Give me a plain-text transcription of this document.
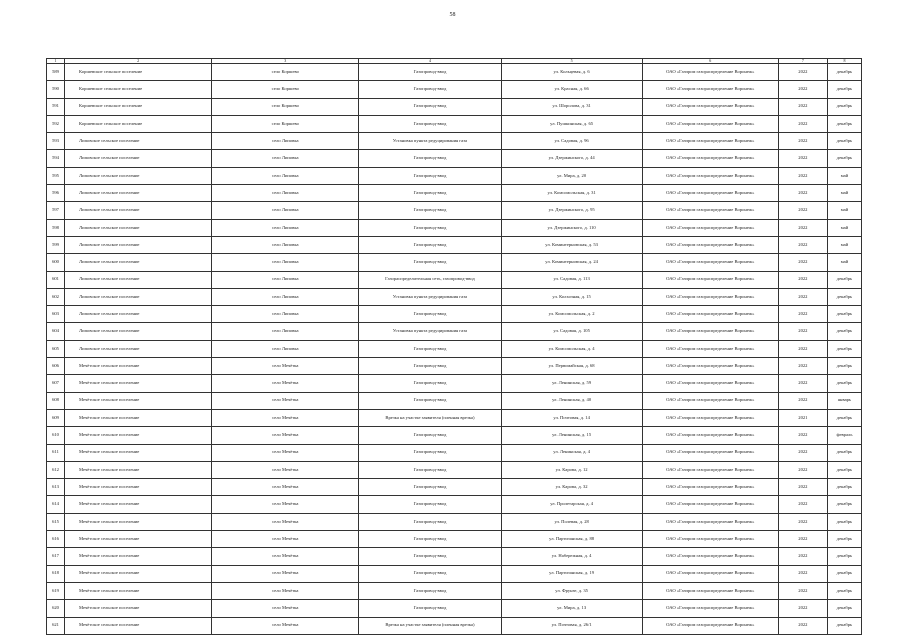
58
1	2	3	4	5	6	7	8
589	Коршевское сельское поселение	село Коршево	Газопровод-ввод	ул. Кольцевая, д. 6	ОАО «Газпром газораспределение Воронеж»	2022	декабрь
590	Коршевское сельское поселение	село Коршево	Газопровод-ввод	ул. Красная, д. 66	ОАО «Газпром газораспределение Воронеж»	2022	декабрь
591	Коршевское сельское поселение	село Коршево	Газопровод-ввод	ул. Шоролова, д. 31	ОАО «Газпром газораспределение Воронеж»	2022	декабрь
592	Коршевское сельское поселение	село Коршево	Газопровод-ввод	ул. Пушкинская, д. 65	ОАО «Газпром газораспределение Воронеж»	2022	декабрь
593	Липовское сельское поселение	село Липовка	Установка пункта редуцирования газа	ул. Садовая, д. 96	ОАО «Газпром газораспределение Воронеж»	2022	декабрь
594	Липовское сельское поселение	село Липовка	Газопровод-ввод	ул. Дзержинского, д. 44	ОАО «Газпром газораспределение Воронеж»	2022	декабрь
595	Липовское сельское поселение	село Липовка	Газопровод-ввод	ул. Мира, д. 20	ОАО «Газпром газораспределение Воронеж»	2022	май
596	Липовское сельское поселение	село Липовка	Газопровод-ввод	ул. Комсомольская, д. 31	ОАО «Газпром газораспределение Воронеж»	2022	май
597	Липовское сельское поселение	село Липовка	Газопровод-ввод	ул. Дзержинского, д. 95	ОАО «Газпром газораспределение Воронеж»	2022	май
598	Липовское сельское поселение	село Липовка	Газопровод-ввод	ул. Дзержинского, д. 110	ОАО «Газпром газораспределение Воронеж»	2022	май
599	Липовское сельское поселение	село Липовка	Газопровод-ввод	ул. Коминтерновская, д. 53	ОАО «Газпром газораспределение Воронеж»	2022	май
600	Липовское сельское поселение	село Липовка	Газопровод-ввод	ул. Коминтерновская, д. 24	ОАО «Газпром газораспределение Воронеж»	2022	май
601	Липовское сельское поселение	село Липовка	Газораспределительная сеть, газопровод-ввод	ул. Садовая, д. 113	ОАО «Газпром газораспределение Воронеж»	2022	декабрь
602	Липовское сельское поселение	село Липовка	Установка пункта редуцирования газа	ул. Колхозная, д. 15	ОАО «Газпром газораспределение Воронеж»	2022	декабрь
603	Липовское сельское поселение	село Липовка	Газопровод-ввод	ул. Комсомольская, д. 2	ОАО «Газпром газораспределение Воронеж»	2022	декабрь
604	Липовское сельское поселение	село Липовка	Установка пункта редуцирования газа	ул. Садовая, д. 105	ОАО «Газпром газораспределение Воронеж»	2022	декабрь
605	Липовское сельское поселение	село Липовка	Газопровод-ввод	ул. Комсомольская, д. 4	ОАО «Газпром газораспределение Воронеж»	2022	декабрь
606	Мечётское сельское поселение	село Мечётка	Газопровод-ввод	ул. Первомайская, д. 68	ОАО «Газпром газораспределение Воронеж»	2022	декабрь
607	Мечётское сельское поселение	село Мечётка	Газопровод-ввод	ул. Ленинская, д. 59	ОАО «Газпром газораспределение Воронеж»	2022	декабрь
608	Мечётское сельское поселение	село Мечётка	Газопровод-ввод	ул. Ленинская, д. 40	ОАО «Газпром газораспределение Воронеж»	2022	январь
609	Мечётское сельское поселение	село Мечётка	Врезка на участке заявителя (пленная врезка)	ул. Почтовая, д. 14	ОАО «Газпром газораспределение Воронеж»	2021	декабрь
610	Мечётское сельское поселение	село Мечётка	Газопровод-ввод	ул. Ленинская, д. 15	ОАО «Газпром газораспределение Воронеж»	2022	февраль
611	Мечётское сельское поселение	село Мечётка	Газопровод-ввод	ул. Ленинская, д. 4	ОАО «Газпром газораспределение Воронеж»	2022	декабрь
612	Мечётское сельское поселение	село Мечётка	Газопровод-ввод	ул. Карова, д. 12	ОАО «Газпром газораспределение Воронеж»	2022	декабрь
613	Мечётское сельское поселение	село Мечётка	Газопровод-ввод	ул. Карова, д. 32	ОАО «Газпром газораспределение Воронеж»	2022	декабрь
614	Мечётское сельское поселение	село Мечётка	Газопровод-ввод	ул. Пролетарская, д. 4	ОАО «Газпром газораспределение Воронеж»	2022	декабрь
615	Мечётское сельское поселение	село Мечётка	Газопровод-ввод	ул. Полевая, д. 28	ОАО «Газпром газораспределение Воронеж»	2022	декабрь
616	Мечётское сельское поселение	село Мечётка	Газопровод-ввод	ул. Партизанская, д. 88	ОАО «Газпром газораспределение Воронеж»	2022	декабрь
617	Мечётское сельское поселение	село Мечётка	Газопровод-ввод	ул. Набережная, д. 4	ОАО «Газпром газораспределение Воронеж»	2022	декабрь
618	Мечётское сельское поселение	село Мечётка	Газопровод-ввод	ул. Партизанская, д. 19	ОАО «Газпром газораспределение Воронеж»	2022	декабрь
619	Мечётское сельское поселение	село Мечётка	Газопровод-ввод	ул. Фрунзе, д. 35	ОАО «Газпром газораспределение Воронеж»	2022	декабрь
620	Мечётское сельское поселение	село Мечётка	Газопровод-ввод	ул. Мира, д. 13	ОАО «Газпром газораспределение Воронеж»	2022	декабрь
621	Мечётское сельское поселение	село Мечётка	Врезка на участке заявителя (пленная врезка)	ул. Почтовая, д. 26/1	ОАО «Газпром газораспределение Воронеж»	2022	декабрь
